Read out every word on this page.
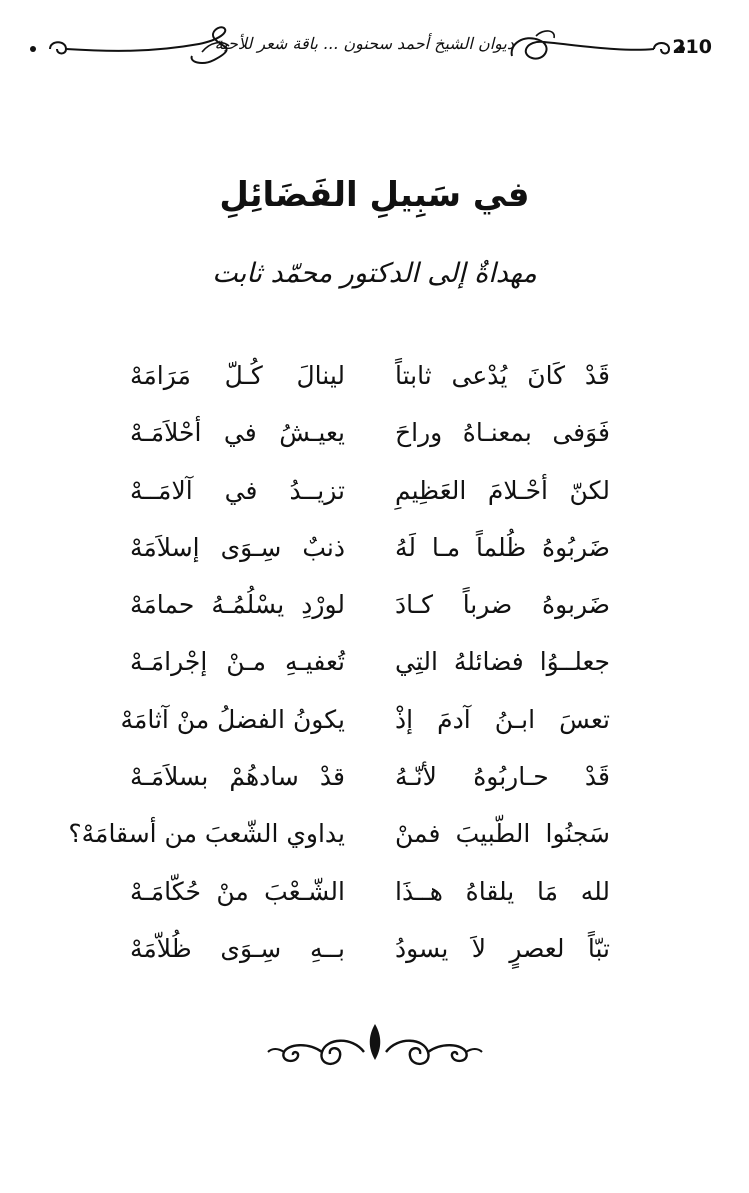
ديوان الشيخ أحمد سحنون ... باقة شعر للأحبة	210
في سَبِيلِ الفَضَائِلِ
مهداةٌ إلى الدكتور محمّد ثابت
قَدْ كَانَ يُدْعى ثابتاً
لينالَ كُـلّ مَرَامَهْ
فَوَفى بمعنـاهُ وراحَ
يعيـشُ في أحْلاَمَـهْ
لكنّ أحْـلامَ العَظِيمِ
تزيــدُ في آلامَــهْ
ضَربُوهُ ظُلماً مـا لَهُ
ذنبٌ سِـوَى إسلاَمَهْ
ضَربوهُ ضرباً كـادَ
لورْدِ يسْلُمُـهُ حمامَهْ
جعلــوُا فضائلهُ التِي
تُعفيـهِ مـنْ إجْرامَـهْ
تعسَ ابـنُ آدمَ إذْ
يكونُ الفضلُ منْ آثامَهْ
قَدْ حـاربُوهُ لأنّـهُ
قدْ سادهُمْ بسلاَمَـهْ
سَجنُوا الطّبيبَ فمنْ
يداوي الشّعبَ من أسقامَهْ؟
لله مَا يلقاهُ هــذَا
الشّـعْبَ منْ حُكّامَـهْ
تبّاً لعصرٍ لاَ يسودُ
بــهِ سِـوَى ظُلاّمَهْ
